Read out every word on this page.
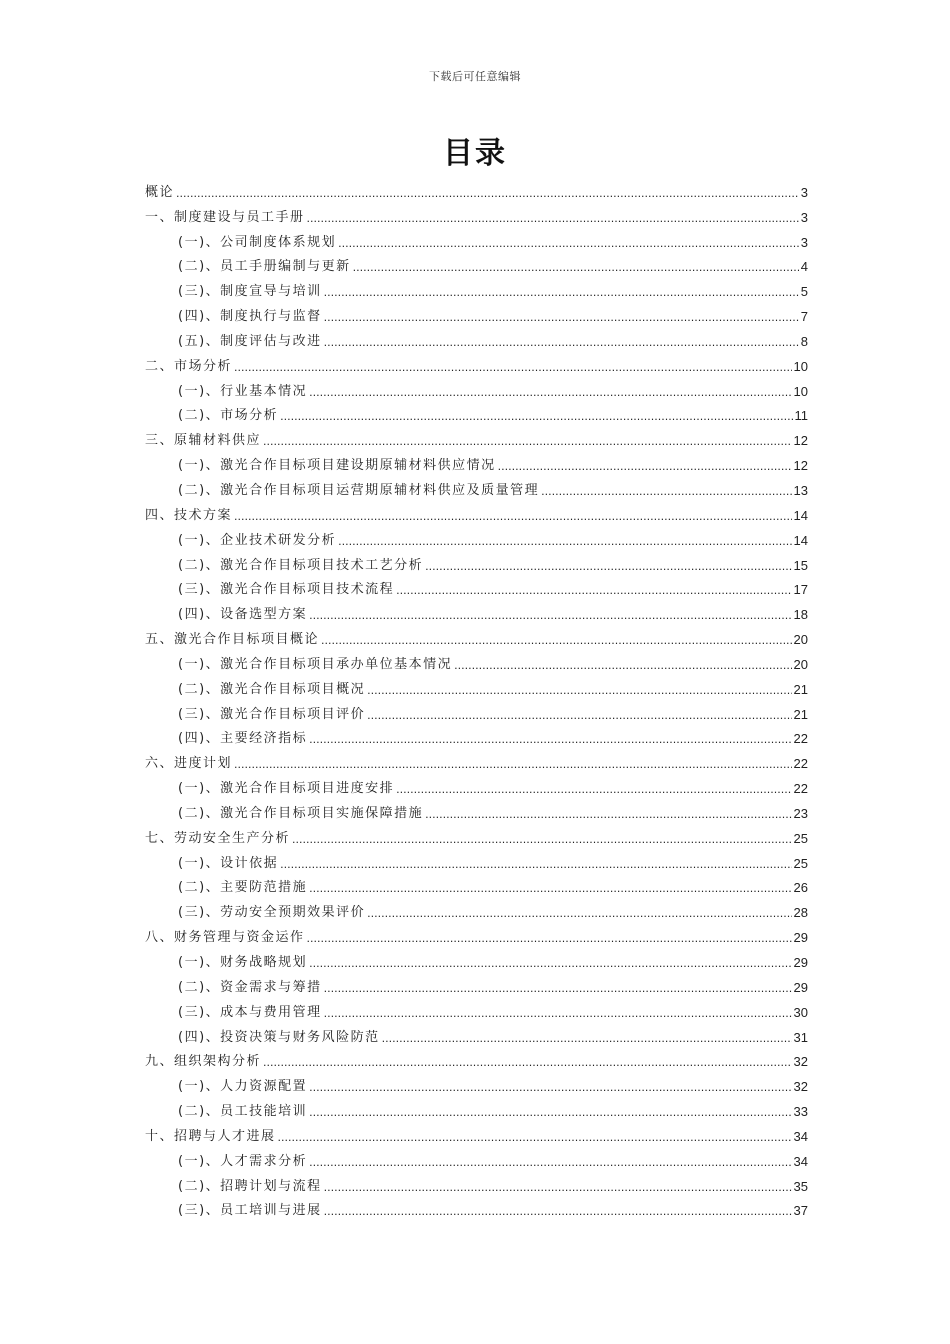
下载后可任意编辑
目录
概论 .....	3
一、制度建设与员工手册 .....	3
(一)、公司制度体系规划 .....	3
(二)、员工手册编制与更新 .....	4
(三)、制度宣导与培训 .....	5
(四)、制度执行与监督 .....	7
(五)、制度评估与改进 .....	8
二、市场分析 .....	10
(一)、行业基本情况 .....	10
(二)、市场分析 .....	11
三、原辅材料供应 .....	12
(一)、激光合作目标项目建设期原辅材料供应情况 .....	12
(二)、激光合作目标项目运营期原辅材料供应及质量管理 .....	13
四、技术方案 .....	14
(一)、企业技术研发分析 .....	14
(二)、激光合作目标项目技术工艺分析 .....	15
(三)、激光合作目标项目技术流程 .....	17
(四)、设备选型方案 .....	18
五、激光合作目标项目概论 .....	20
(一)、激光合作目标项目承办单位基本情况 .....	20
(二)、激光合作目标项目概况 .....	21
(三)、激光合作目标项目评价 .....	21
(四)、主要经济指标 .....	22
六、进度计划 .....	22
(一)、激光合作目标项目进度安排 .....	22
(二)、激光合作目标项目实施保障措施 .....	23
七、劳动安全生产分析 .....	25
(一)、设计依据 .....	25
(二)、主要防范措施 .....	26
(三)、劳动安全预期效果评价 .....	28
八、财务管理与资金运作 .....	29
(一)、财务战略规划 .....	29
(二)、资金需求与筹措 .....	29
(三)、成本与费用管理 .....	30
(四)、投资决策与财务风险防范 .....	31
九、组织架构分析 .....	32
(一)、人力资源配置 .....	32
(二)、员工技能培训 .....	33
十、招聘与人才进展 .....	34
(一)、人才需求分析 .....	34
(二)、招聘计划与流程 .....	35
(三)、员工培训与进展 .....	37
